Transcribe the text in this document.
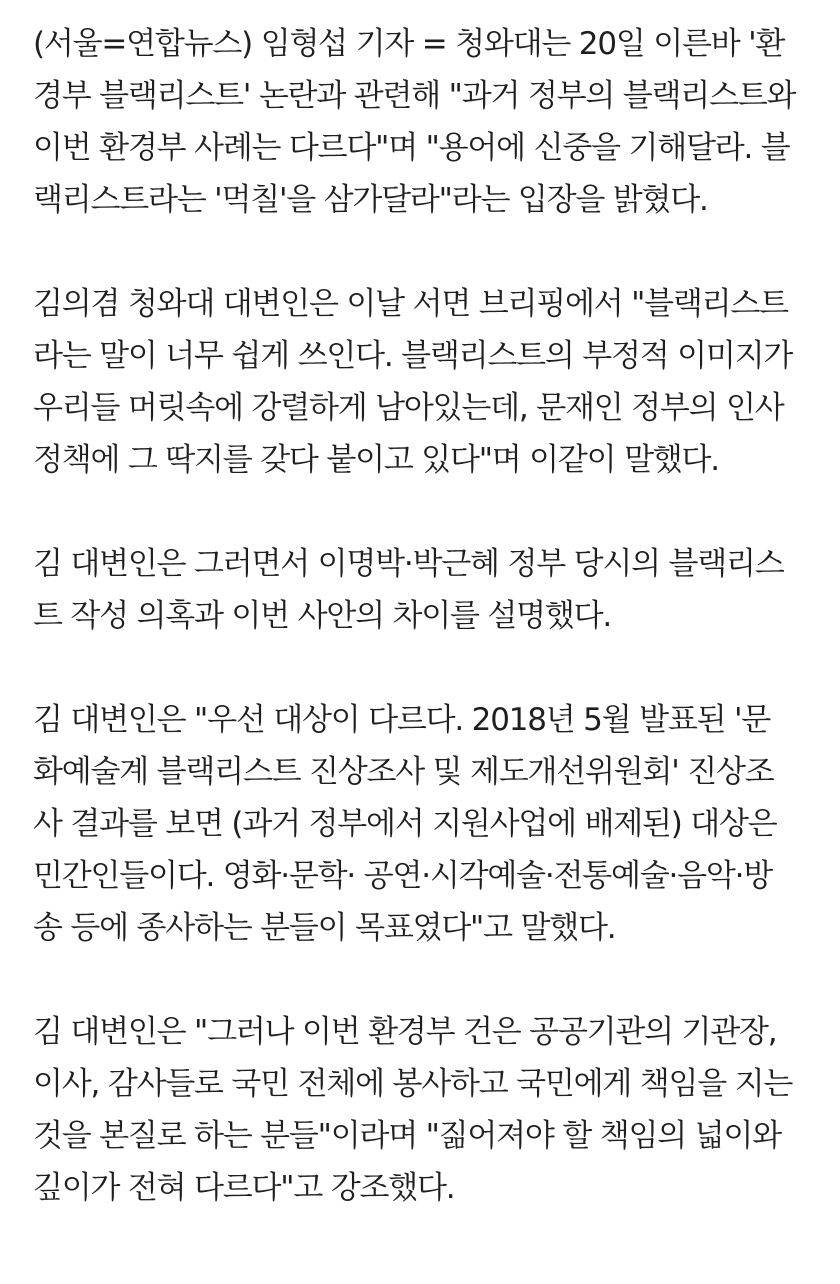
(서울=연합뉴스) 임형섭 기자 = 청와대는 20일 이른바 '환
경부 블랙리스트' 논란과 관련해 "과거 정부의 블랙리스트와
이번 환경부 사례는 다르다"며 "용어에 신중을 기해달라. 블
랙리스트라는 '먹칠'을 삼가달라"라는 입장을 밝혔다.
김의겸 청와대 대변인은 이날 서면 브리핑에서 "블랙리스트
라는 말이 너무 쉽게 쓰인다. 블랙리스트의 부정적 이미지가
우리들 머릿속에 강렬하게 남아있는데, 문재인 정부의 인사
정책에 그 딱지를 갖다 붙이고 있다"며 이같이 말했다.
김 대변인은 그러면서 이명박·박근혜 정부 당시의 블랙리스
트 작성 의혹과 이번 사안의 차이를 설명했다.
김 대변인은 "우선 대상이 다르다. 2018년 5월 발표된 '문
화예술계 블랙리스트 진상조사 및 제도개선위원회' 진상조
사 결과를 보면 (과거 정부에서 지원사업에 배제된) 대상은
민간인들이다. 영화·문학· 공연·시각예술·전통예술·음악·방
송 등에 종사하는 분들이 목표였다"고 말했다.
김 대변인은 "그러나 이번 환경부 건은 공공기관의 기관장,
이사, 감사들로 국민 전체에 봉사하고 국민에게 책임을 지는
것을 본질로 하는 분들"이라며 "짊어져야 할 책임의 넓이와
깊이가 전혀 다르다"고 강조했다.
